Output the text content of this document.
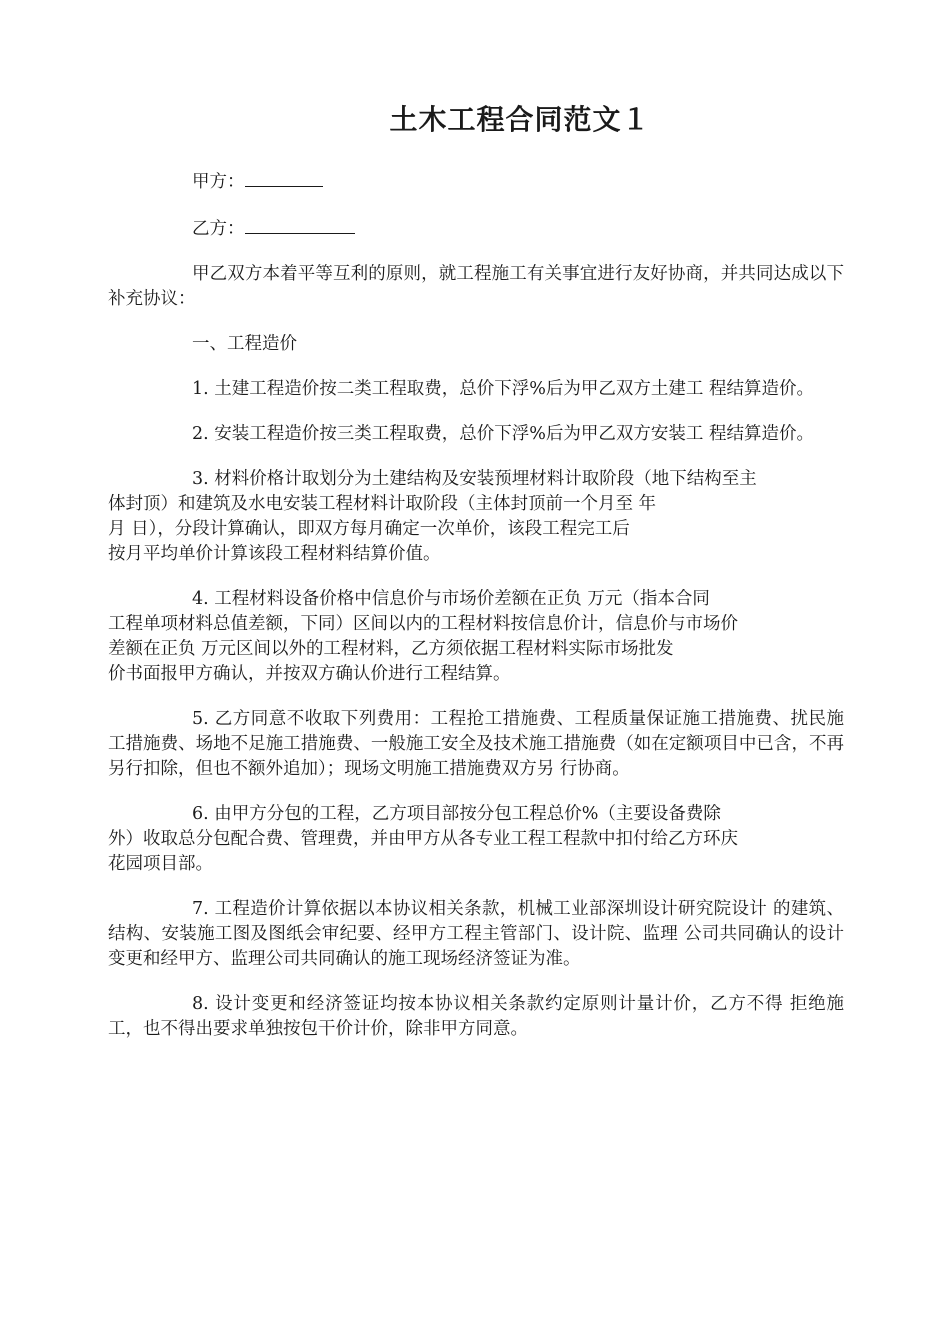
土木工程合同范文１

甲方：

乙方：

甲乙双方本着平等互利的原则，就工程施工有关事宜进行友好协商，并共同达成以下补充协议：

一、工程造价

1. 土建工程造价按二类工程取费，总价下浮%后为甲乙双方土建工 程结算造价。

2. 安装工程造价按三类工程取费，总价下浮%后为甲乙双方安装工 程结算造价。

3. 材料价格计取划分为土建结构及安装预埋材料计取阶段（地下结构至主
体封顶）和建筑及水电安装工程材料计取阶段（主体封顶前一个月至 年
月 日），分段计算确认，即双方每月确定一次单价，该段工程完工后
按月平均单价计算该段工程材料结算价值。
4. 工程材料设备价格中信息价与市场价差额在正负 万元（指本合同
工程单项材料总值差额，下同）区间以内的工程材料按信息价计，信息价与市场价
差额在正负 万元区间以外的工程材料，乙方须依据工程材料实际市场批发
价书面报甲方确认，并按双方确认价进行工程结算。

5. 乙方同意不收取下列费用：工程抢工措施费、工程质量保证施工措施费、扰民施工措施费、场地不足施工措施费、一般施工安全及技术施工措施费（如在定额项目中已含，不再另行扣除，但也不额外追加）；现场文明施工措施费双方另 行协商。

6. 由甲方分包的工程，乙方项目部按分包工程总价%（主要设备费除
外）收取总分包配合费、管理费，并由甲方从各专业工程工程款中扣付给乙方环庆
花园项目部。

7. 工程造价计算依据以本协议相关条款，机械工业部深圳设计研究院设计 的建筑、结构、安装施工图及图纸会审纪要、经甲方工程主管部门、设计院、监理 公司共同确认的设计变更和经甲方、监理公司共同确认的施工现场经济签证为准。

8. 设计变更和经济签证均按本协议相关条款约定原则计量计价，乙方不得 拒绝施工，也不得出要求单独按包干价计价，除非甲方同意。
